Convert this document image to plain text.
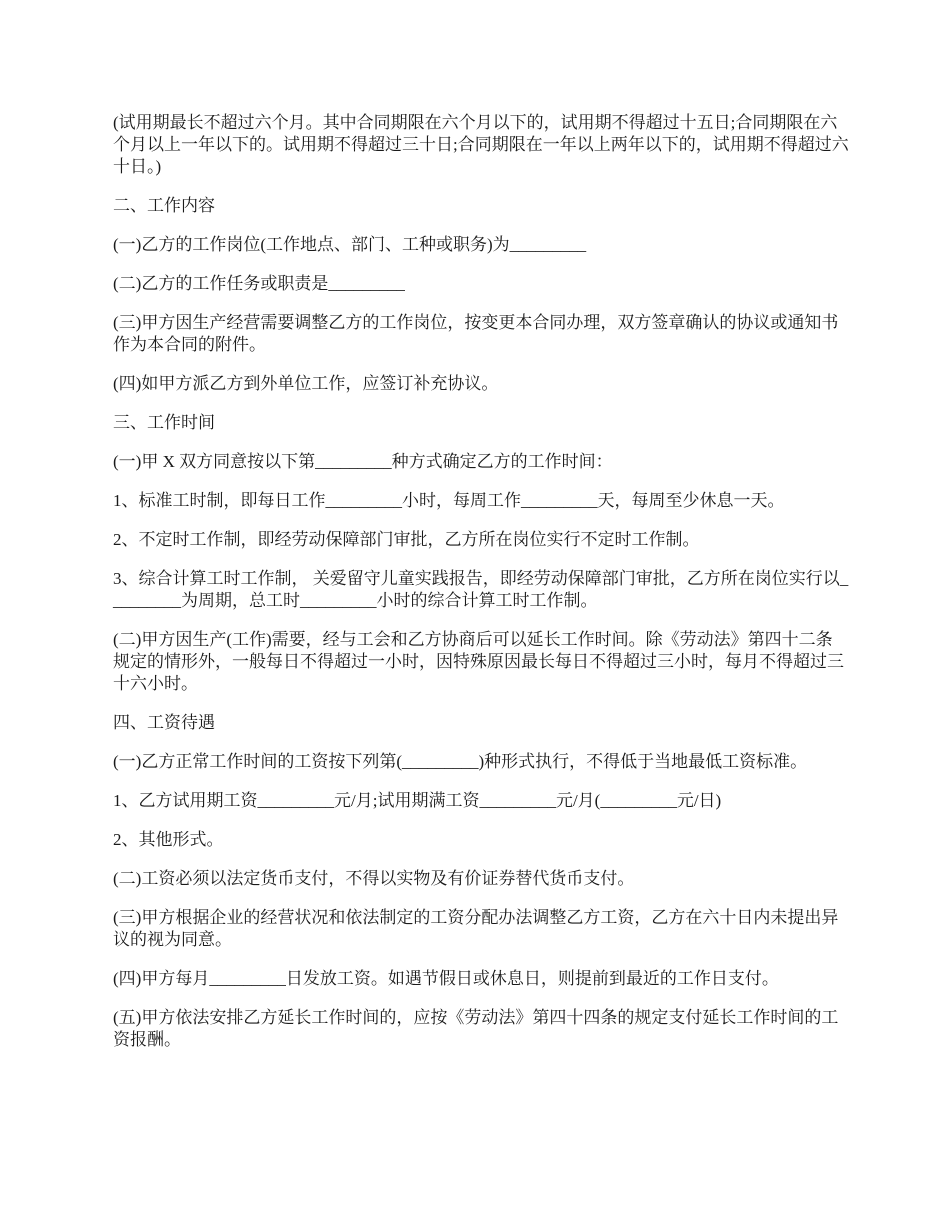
(试用期最长不超过六个月。其中合同期限在六个月以下的，试用期不得超过十五日;合同期限在六个月以上一年以下的。试用期不得超过三十日;合同期限在一年以上两年以下的，试用期不得超过六十日。)

二、工作内容

(一)乙方的工作岗位(工作地点、部门、工种或职务)为_________

(二)乙方的工作任务或职责是_________

(三)甲方因生产经营需要调整乙方的工作岗位，按变更本合同办理，双方签章确认的协议或通知书作为本合同的附件。

(四)如甲方派乙方到外单位工作，应签订补充协议。

三、工作时间

(一)甲 X 双方同意按以下第_________种方式确定乙方的工作时间：

1、标准工时制，即每日工作_________小时，每周工作_________天，每周至少休息一天。

2、不定时工作制，即经劳动保障部门审批，乙方所在岗位实行不定时工作制。

3、综合计算工时工作制， 关爱留守儿童实践报告，即经劳动保障部门审批，乙方所在岗位实行以_________为周期，总工时_________小时的综合计算工时工作制。

(二)甲方因生产(工作)需要，经与工会和乙方协商后可以延长工作时间。除《劳动法》第四十二条规定的情形外，一般每日不得超过一小时，因特殊原因最长每日不得超过三小时，每月不得超过三十六小时。

四、工资待遇

(一)乙方正常工作时间的工资按下列第(_________)种形式执行，不得低于当地最低工资标准。

1、乙方试用期工资_________元/月;试用期满工资_________元/月(_________元/日)

2、其他形式。

(二)工资必须以法定货币支付，不得以实物及有价证券替代货币支付。

(三)甲方根据企业的经营状况和依法制定的工资分配办法调整乙方工资，乙方在六十日内未提出异议的视为同意。

(四)甲方每月_________日发放工资。如遇节假日或休息日，则提前到最近的工作日支付。

(五)甲方依法安排乙方延长工作时间的，应按《劳动法》第四十四条的规定支付延长工作时间的工资报酬。
